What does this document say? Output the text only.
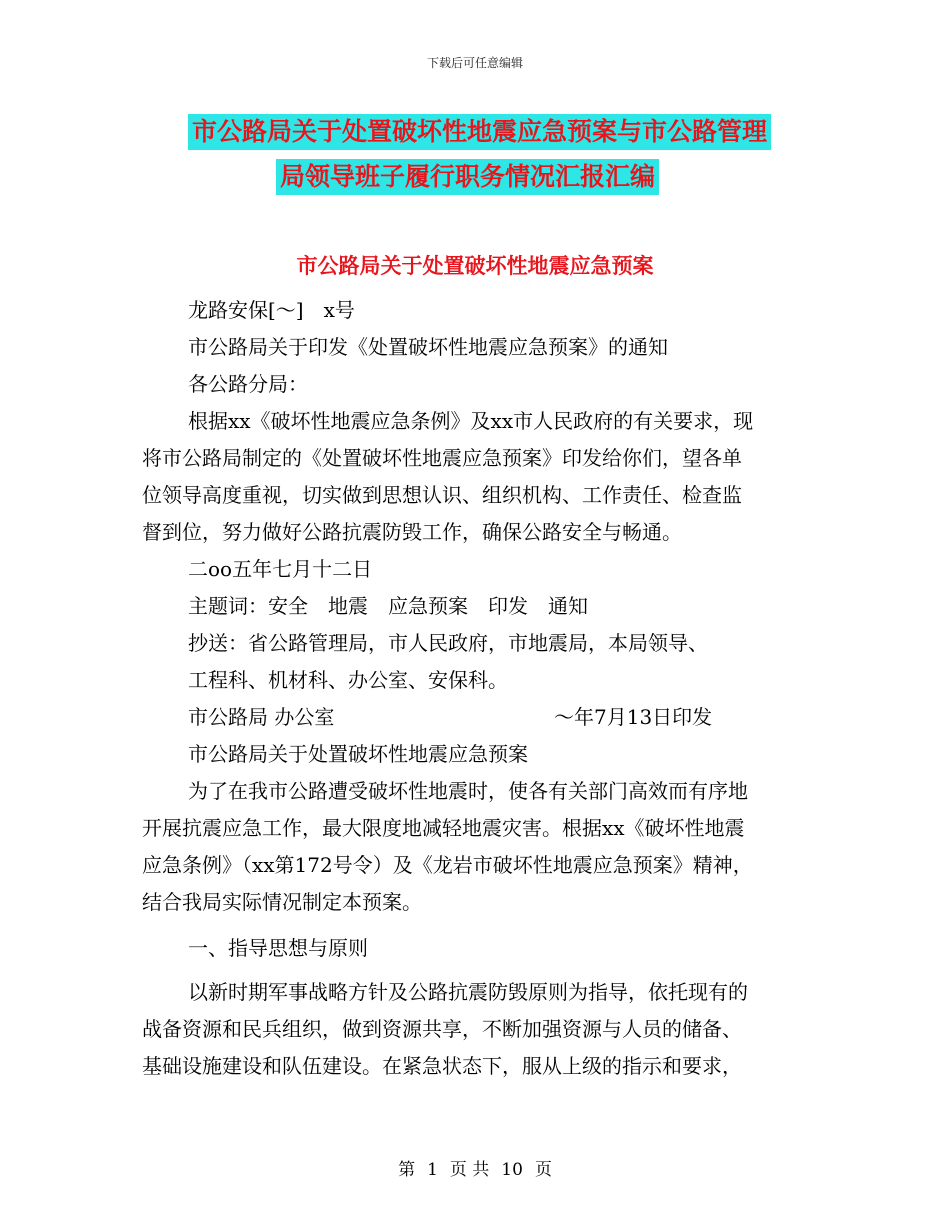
下载后可任意编辑
市公路局关于处置破坏性地震应急预案与市公路管理
局领导班子履行职务情况汇报汇编
市公路局关于处置破坏性地震应急预案
龙路安保[～]　x号
市公路局关于印发《处置破坏性地震应急预案》的通知
各公路分局：
根据xx《破坏性地震应急条例》及xx市人民政府的有关要求，现
将市公路局制定的《处置破坏性地震应急预案》印发给你们，望各单
位领导高度重视，切实做到思想认识、组织机构、工作责任、检查监
督到位，努力做好公路抗震防毁工作，确保公路安全与畅通。
二oo五年七月十二日
主题词：安全　地震　应急预案　印发　通知
抄送：省公路管理局，市人民政府，市地震局，本局领导、
工程科、机材科、办公室、安保科。
市公路局 办公室	～年7月13日印发
市公路局关于处置破坏性地震应急预案
为了在我市公路遭受破坏性地震时，使各有关部门高效而有序地
开展抗震应急工作，最大限度地减轻地震灾害。根据xx《破坏性地震
应急条例》（xx第172号令）及《龙岩市破坏性地震应急预案》精神，
结合我局实际情况制定本预案。
一、指导思想与原则
以新时期军事战略方针及公路抗震防毁原则为指导，依托现有的
战备资源和民兵组织，做到资源共享，不断加强资源与人员的储备、
基础设施建设和队伍建设。在紧急状态下，服从上级的指示和要求，
第 1 页 共 10 页
